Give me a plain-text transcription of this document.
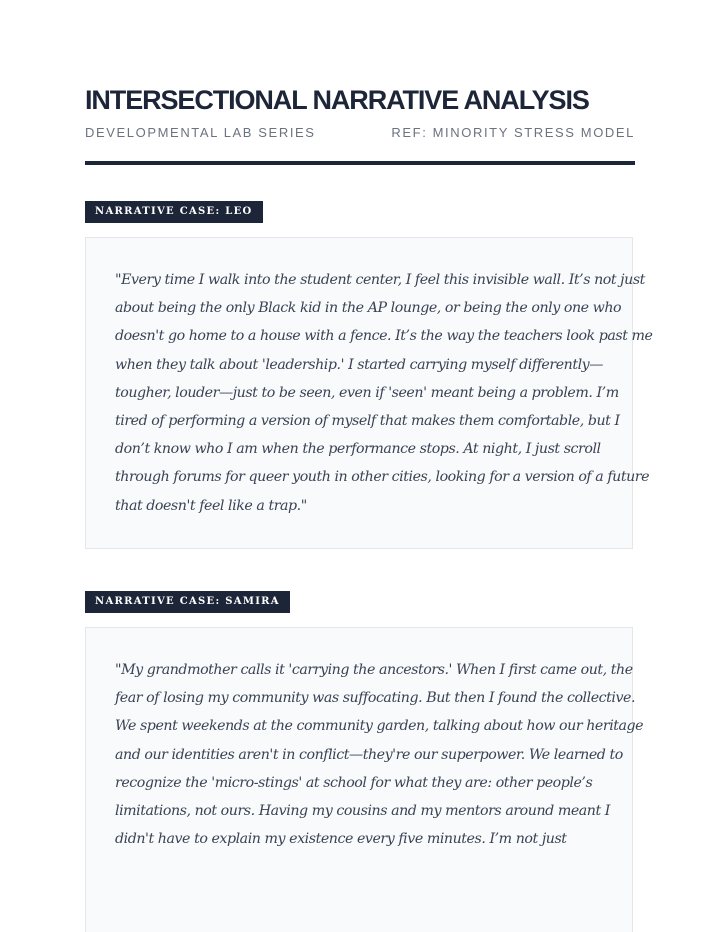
INTERSECTIONAL NARRATIVE ANALYSIS
DEVELOPMENTAL LAB SERIES	REF: MINORITY STRESS MODEL
NARRATIVE CASE: LEO

"Every time I walk into the student center, I feel this invisible wall. It’s not just
about being the only Black kid in the AP lounge, or being the only one who
doesn't go home to a house with a fence. It’s the way the teachers look past me
when they talk about 'leadership.' I started carrying myself differently—
tougher, louder—just to be seen, even if 'seen' meant being a problem. I’m
tired of performing a version of myself that makes them comfortable, but I
don’t know who I am when the performance stops. At night, I just scroll
through forums for queer youth in other cities, looking for a version of a future
that doesn't feel like a trap."

NARRATIVE CASE: SAMIRA

"My grandmother calls it 'carrying the ancestors.' When I first came out, the
fear of losing my community was suffocating. But then I found the collective.
We spent weekends at the community garden, talking about how our heritage
and our identities aren't in conflict—they're our superpower. We learned to
recognize the 'micro-stings' at school for what they are: other people’s
limitations, not ours. Having my cousins and my mentors around meant I
didn't have to explain my existence every five minutes. I’m not just
